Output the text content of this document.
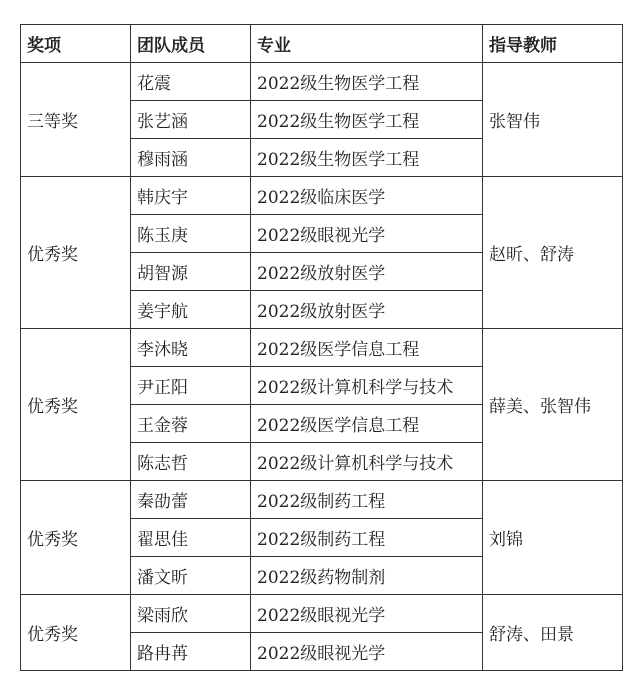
奖项	团队成员	专业	指导教师
三等奖	花震	2022级生物医学工程	张智伟
	张艺涵	2022级生物医学工程	
	穆雨涵	2022级生物医学工程	
优秀奖	韩庆宇	2022级临床医学	赵昕、舒涛
	陈玉庚	2022级眼视光学	
	胡智源	2022级放射医学	
	姜宇航	2022级放射医学	
优秀奖	李沐晓	2022级医学信息工程	薛美、张智伟
	尹正阳	2022级计算机科学与技术	
	王金蓉	2022级医学信息工程	
	陈志哲	2022级计算机科学与技术	
优秀奖	秦劭蕾	2022级制药工程	刘锦
	翟思佳	2022级制药工程	
	潘文昕	2022级药物制剂	
优秀奖	梁雨欣	2022级眼视光学	舒涛、田景
	路冉苒	2022级眼视光学	
